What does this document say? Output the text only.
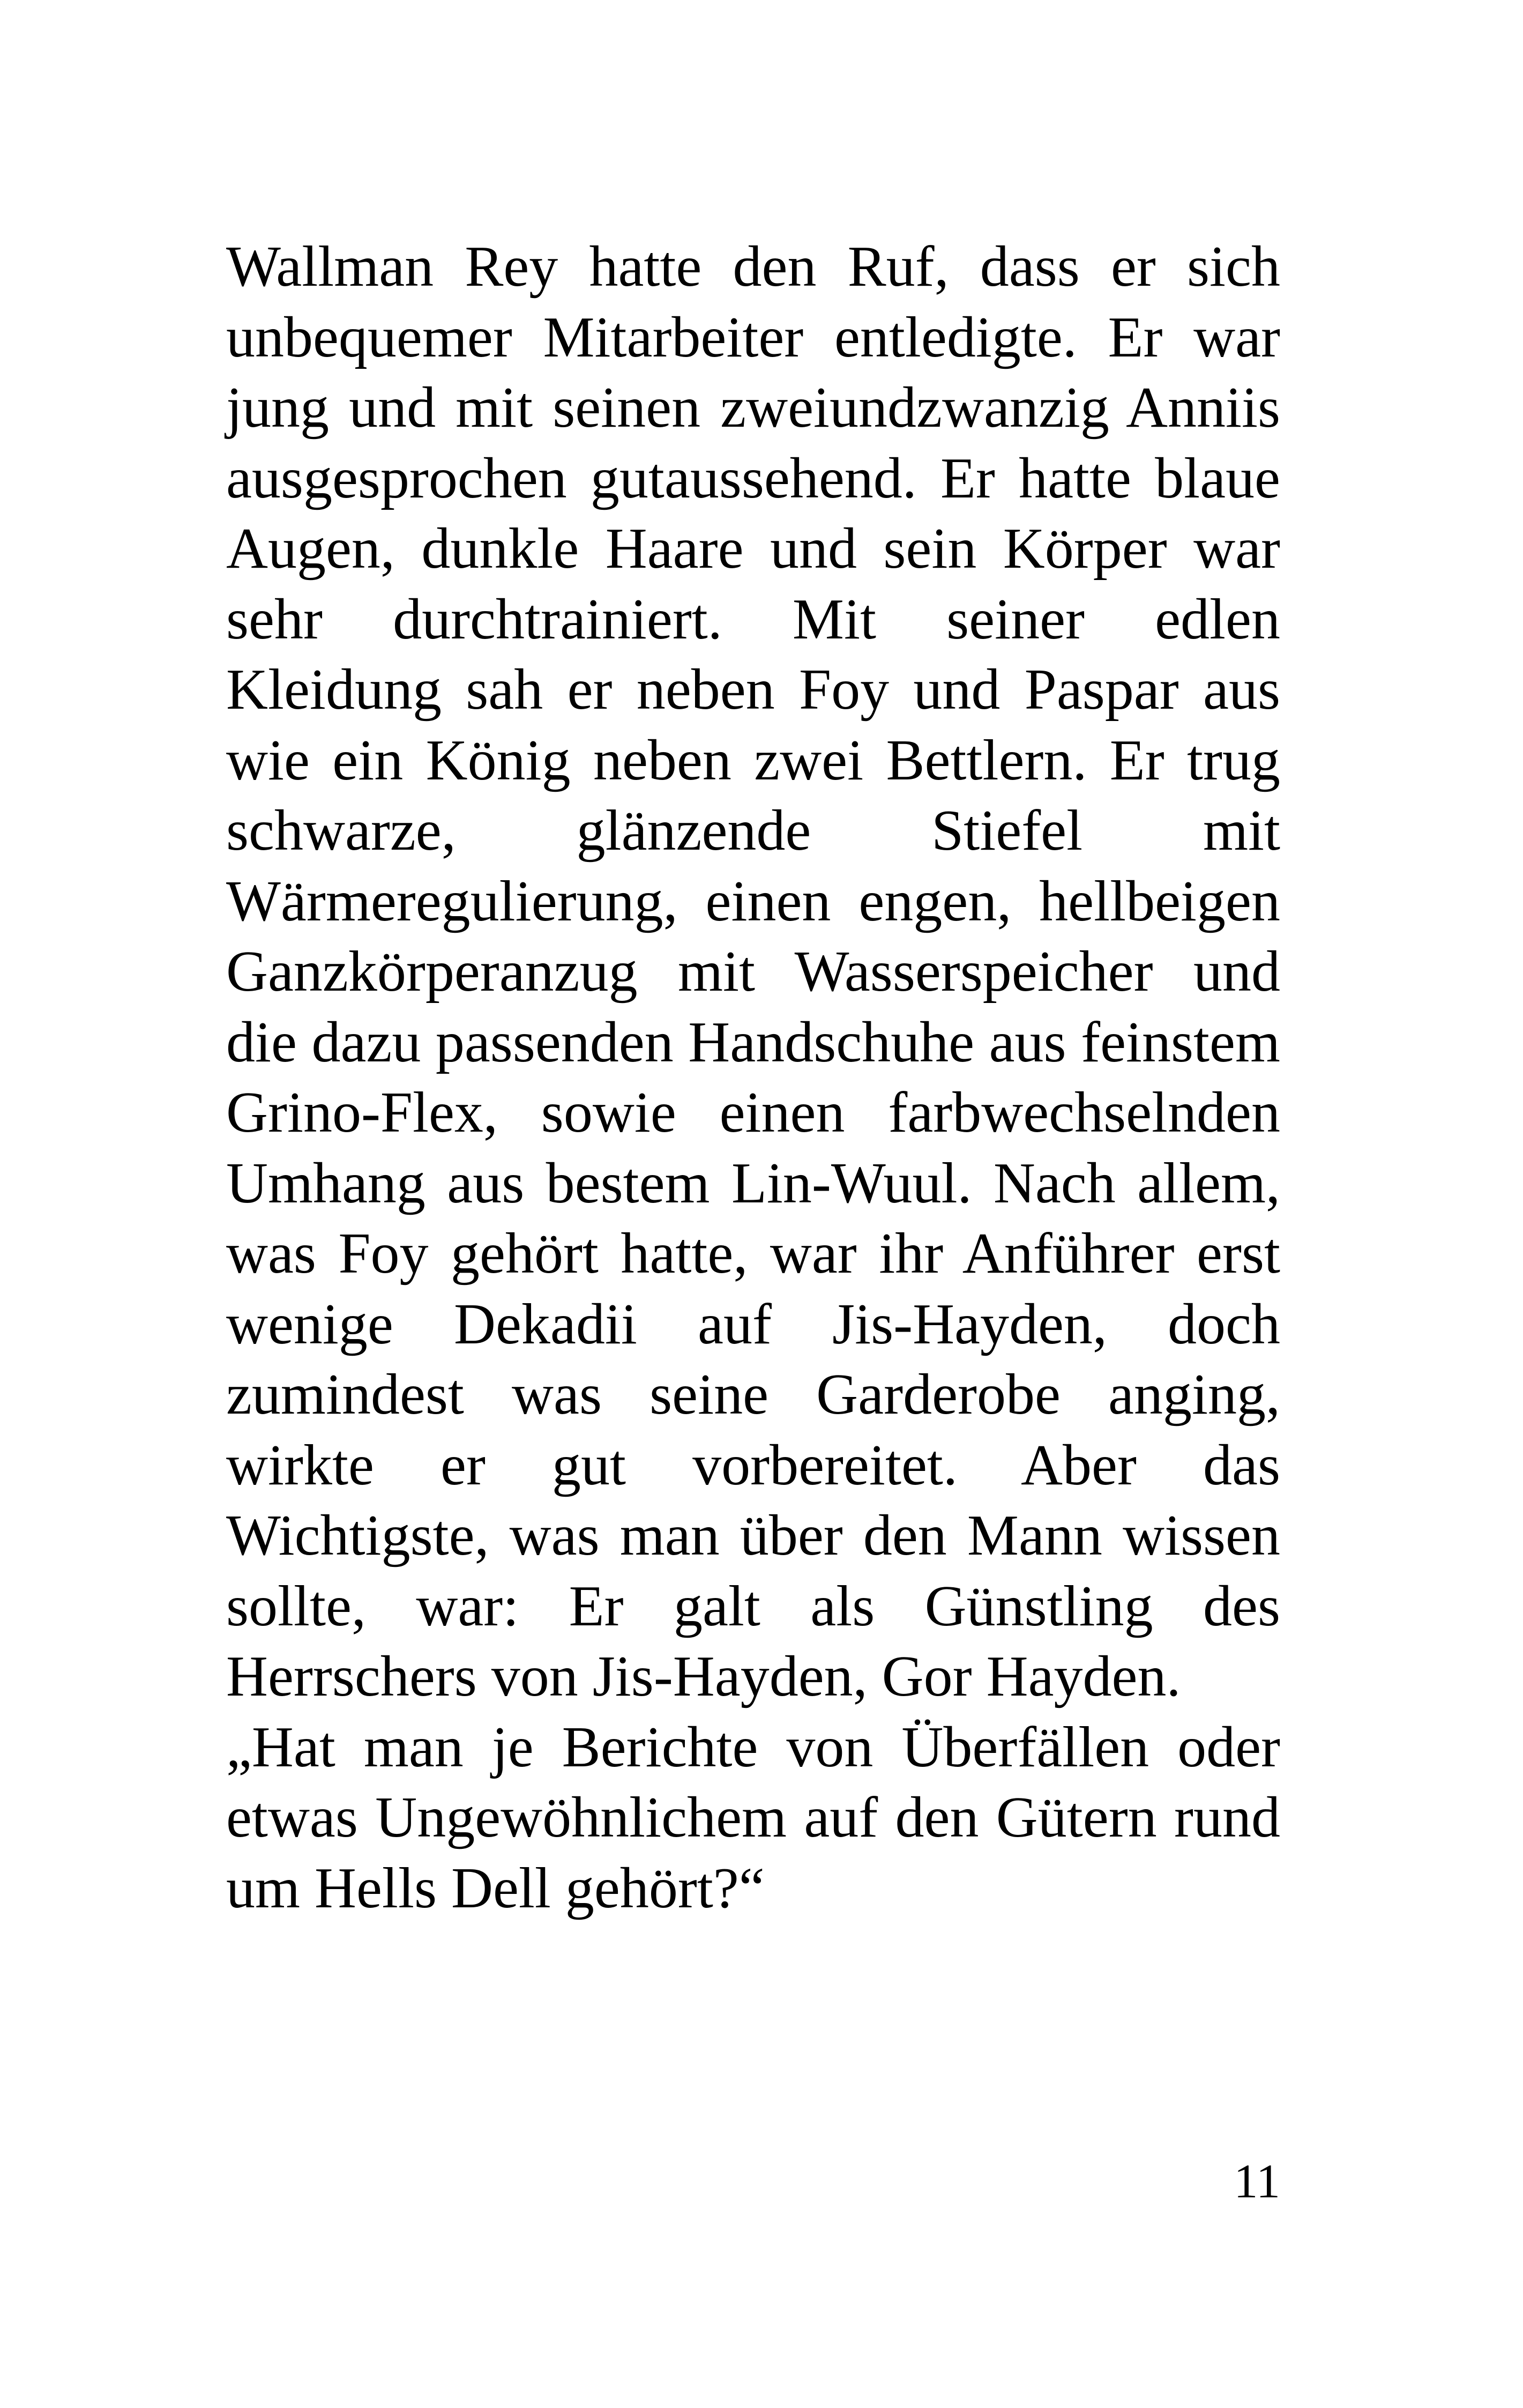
Wallman Rey hatte den Ruf, dass er sich unbequemer Mitarbeiter entledigte. Er war jung und mit seinen zweiundzwanzig Anniis ausgesprochen gutaussehend. Er hatte blaue Augen, dunkle Haare und sein Körper war sehr durchtrainiert. Mit seiner edlen Kleidung sah er neben Foy und Paspar aus wie ein König neben zwei Bettlern. Er trug schwarze, glänzende Stiefel mit Wärmeregulierung, einen engen, hellbeigen Ganzkörperanzug mit Wasserspeicher und die dazu passenden Handschuhe aus feinstem Grino-Flex, sowie einen farbwechselnden Umhang aus bestem Lin-Wuul. Nach allem, was Foy gehört hatte, war ihr Anführer erst wenige Dekadii auf Jis-Hayden, doch zumindest was seine Garderobe anging, wirkte er gut vorbereitet. Aber das Wichtigste, was man über den Mann wissen sollte, war: Er galt als Günstling des Herrschers von Jis-Hayden, Gor Hayden.

„Hat man je Berichte von Überfällen oder etwas Ungewöhnlichem auf den Gütern rund um Hells Dell gehört?“

11
